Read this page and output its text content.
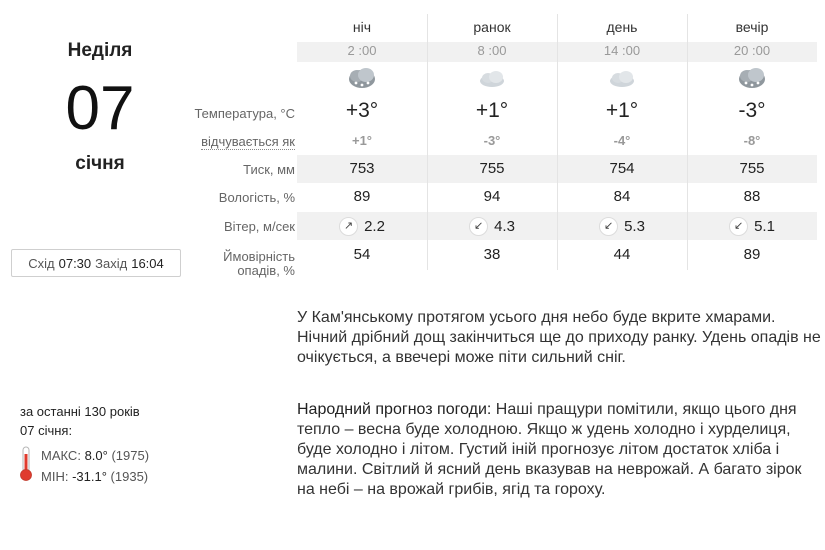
Неділя
07
січня
Схід 07:30 Захід 16:04
за останні 130 років
07 січня:
МАКС: 8.0° (1975)
МІН: -31.1° (1935)
Температура, °C
відчувається як
Тиск, мм
Вологість, %
Вітер, м/сек
Ймовірність
опадів, %
ніч
2 :00
+3°
+1°
753
89
↗ 2.2
54
ранок
8 :00
+1°
-3°
755
94
↙ 4.3
38
день
14 :00
+1°
-4°
754
84
↙ 5.3
44
вечір
20 :00
-3°
-8°
755
88
↙ 5.1
89
У Кам'янському протягом усього дня небо буде вкрите хмарами. Нічний дрібний дощ закінчиться ще до приходу ранку. Удень опадів не очікується, а ввечері може піти сильний сніг.
Народний прогноз погоди: Наші пращури помітили, якщо цього дня тепло – весна буде холодною. Якщо ж удень холодно і хурделиця, буде холодно і літом. Густий іній прогнозує літом достаток хліба і малини. Світлий й ясний день вказував на неврожай. А багато зірок на небі – на врожай грибів, ягід та гороху.
